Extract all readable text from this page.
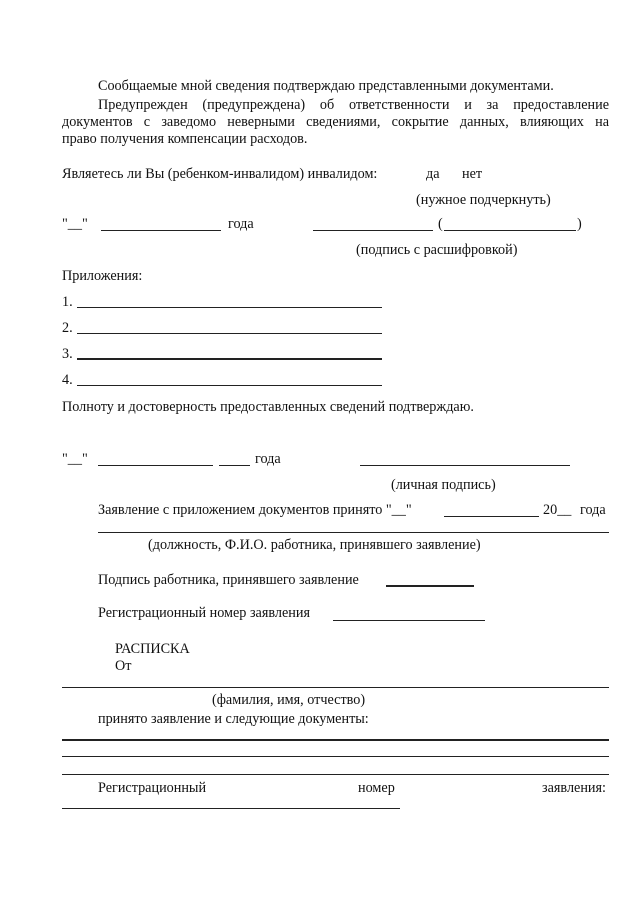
Сообщаемые мной сведения подтверждаю представленными документами.
Предупрежден (предупреждена) об ответственности и за предоставление
документов с заведомо неверными сведениями, сокрытие данных, влияющих на
право получения компенсации расходов.
Являетесь ли Вы (ребенком-инвалидом) инвалидом:	да нет
(нужное подчеркнуть)
"__"	года	(	)
(подпись с расшифровкой)
Приложения:
1.
2.
3.
4.
Полноту и достоверность предоставленных сведений подтверждаю.
"__"	года
(личная подпись)
Заявление с приложением документов принято "__"	20__ года
(должность, Ф.И.О. работника, принявшего заявление)
Подпись работника, принявшего заявление
Регистрационный номер заявления
РАСПИСКА
От
(фамилия, имя, отчество)
принято заявление и следующие документы:
Регистрационный	номер	заявления:
